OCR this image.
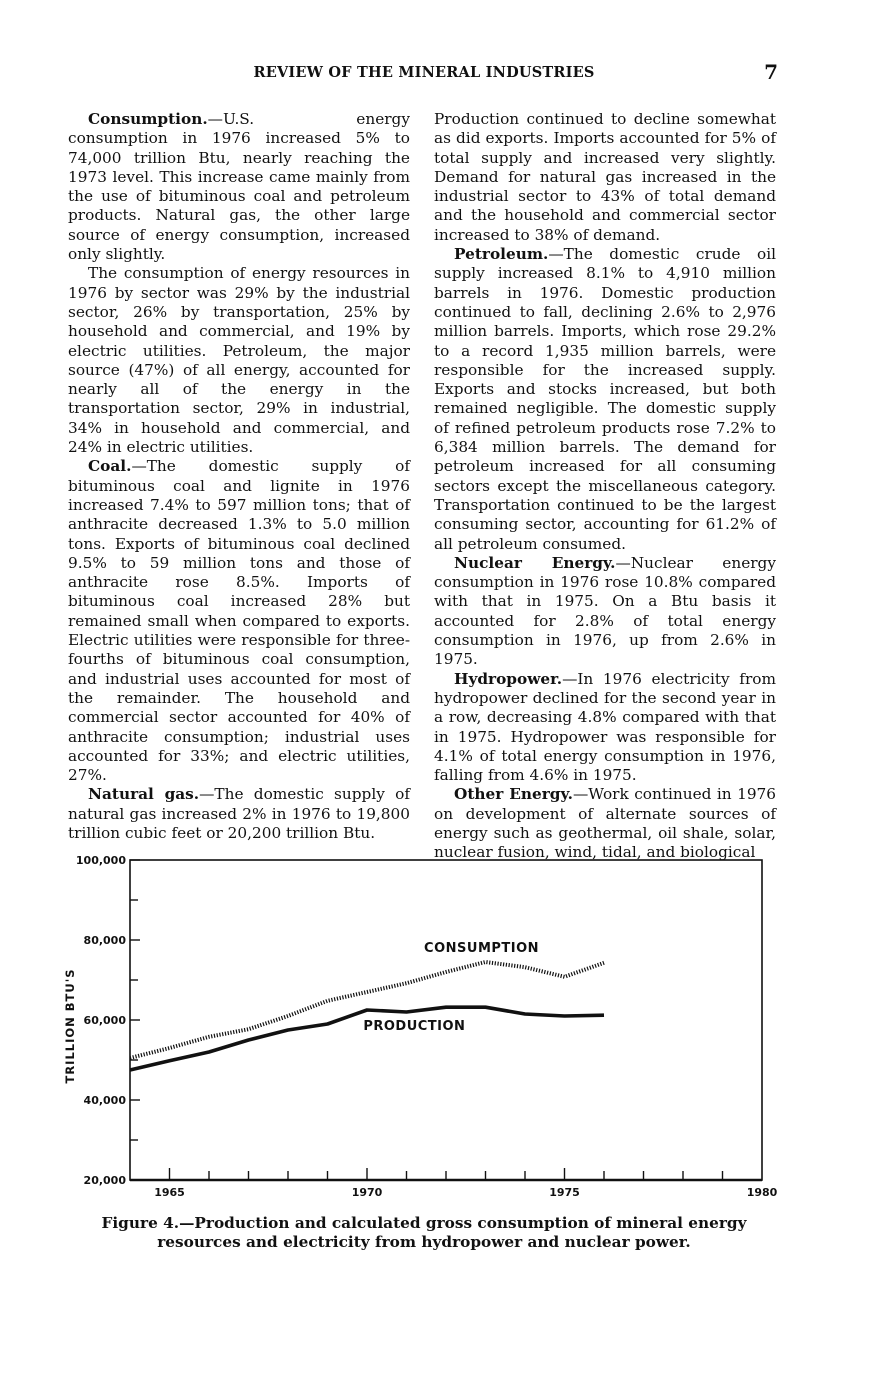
REVIEW OF THE MINERAL INDUSTRIES	7

Consumption.—U.S. energy consumption in 1976 increased 5% to 74,000 trillion Btu, nearly reaching the 1973 level. This increase came mainly from the use of bituminous coal and petroleum products. Natural gas, the other large source of energy consumption, increased only slightly.

The consumption of energy resources in 1976 by sector was 29% by the industrial sector, 26% by transportation, 25% by household and commercial, and 19% by electric utilities. Petroleum, the major source (47%) of all energy, accounted for nearly all of the energy in the transportation sector, 29% in industrial, 34% in household and commercial, and 24% in electric utilities.

Coal.—The domestic supply of bituminous coal and lignite in 1976 increased 7.4% to 597 million tons; that of anthracite decreased 1.3% to 5.0 million tons. Exports of bituminous coal declined 9.5% to 59 million tons and those of anthracite rose 8.5%. Imports of bituminous coal increased 28% but remained small when compared to exports. Electric utilities were responsible for three-fourths of bituminous coal consumption, and industrial uses accounted for most of the remainder. The household and commercial sector accounted for 40% of anthracite consumption; industrial uses accounted for 33%; and electric utilities, 27%.

Natural gas.—The domestic supply of natural gas increased 2% in 1976 to 19,800 trillion cubic feet or 20,200 trillion Btu.

Production continued to decline somewhat as did exports. Imports accounted for 5% of total supply and increased very slightly. Demand for natural gas increased in the industrial sector to 43% of total demand and the household and commercial sector increased to 38% of demand.

Petroleum.—The domestic crude oil supply increased 8.1% to 4,910 million barrels in 1976. Domestic production continued to fall, declining 2.6% to 2,976 million barrels. Imports, which rose 29.2% to a record 1,935 million barrels, were responsible for the increased supply. Exports and stocks increased, but both remained negligible. The domestic supply of refined petroleum products rose 7.2% to 6,384 million barrels. The demand for petroleum increased for all consuming sectors except the miscellaneous category. Transportation continued to be the largest consuming sector, accounting for 61.2% of all petroleum consumed.

Nuclear Energy.—Nuclear energy consumption in 1976 rose 10.8% compared with that in 1975. On a Btu basis it accounted for 2.8% of total energy consumption in 1976, up from 2.6% in 1975.

Hydropower.—In 1976 electricity from hydropower declined for the second year in a row, decreasing 4.8% compared with that in 1975. Hydropower was responsible for 4.1% of total energy consumption in 1976, falling from 4.6% in 1975.

Other Energy.—Work continued in 1976 on development of alternate sources of energy such as geothermal, oil shale, solar, nuclear fusion, wind, tidal, and biological

20,000
40,000
60,000
80,000
100,000
1965	1970	1975	1980
TRILLION BTU'S
CONSUMPTION
PRODUCTION
Figure 4.—Production and calculated gross consumption of mineral energy resources and electricity from hydropower and nuclear power.
